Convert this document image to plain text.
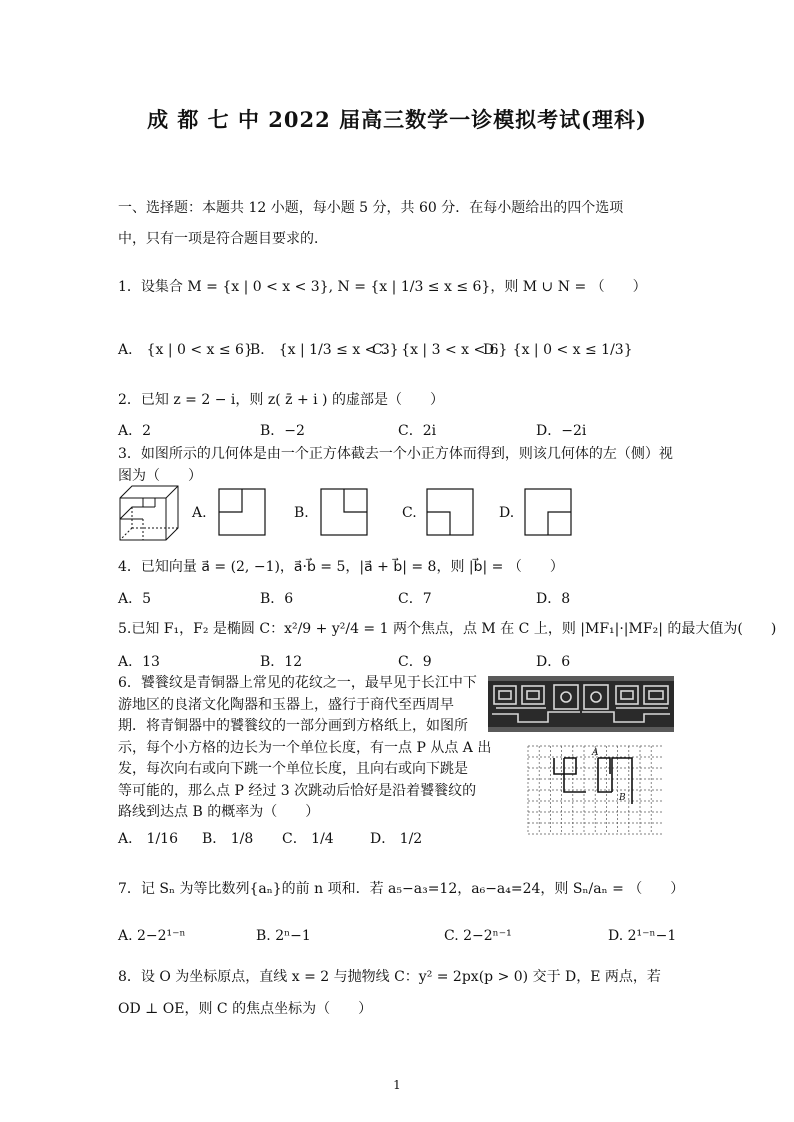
成 都 七 中 2022 届高三数学一诊模拟考试(理科)
一、选择题：本题共 12 小题，每小题 5 分，共 60 分．在每小题给出的四个选项
中，只有一项是符合题目要求的．
1．设集合 M = {x | 0 < x < 3}, N = {x | 1/3 ≤ x ≤ 6}，则 M ∪ N = （　　）
A． {x | 0 < x ≤ 6}
B． {x | 1/3 ≤ x < 3}
C． {x | 3 < x < 6}
D． {x | 0 < x ≤ 1/3}
2．已知 z = 2 − i，则 z( z̄ + i ) 的虚部是（　　）
A．2	B．−2	C．2i	D．−2i
3．如图所示的几何体是由一个正方体截去一个小正方体而得到，则该几何体的左（侧）视
图为（　　）
A.	B.	C.	D.
4．已知向量 a⃗ = (2, −1)，a⃗·b⃗ = 5，|a⃗ + b⃗| = 8，则 |b⃗| = （　　）
A．5	B．6	C．7	D．8
5.已知 F₁，F₂ 是椭圆 C：x²/9 + y²/4 = 1 两个焦点，点 M 在 C 上，则 |MF₁|·|MF₂| 的最大值为(　　)
A．13	B．12	C．9	D．6
6．饕餮纹是青铜器上常见的花纹之一，最早见于长江中下
游地区的良渚文化陶器和玉器上，盛行于商代至西周早
期．将青铜器中的饕餮纹的一部分画到方格纸上，如图所
示，每个小方格的边长为一个单位长度，有一点 P 从点 A 出
发，每次向右或向下跳一个单位长度，且向右或向下跳是
等可能的，那么点 P 经过 3 次跳动后恰好是沿着饕餮纹的
路线到达点 B 的概率为（　　）
A
B
A． 1/16 B． 1/8 C． 1/4	D． 1/2
7．记 Sₙ 为等比数列{aₙ}的前 n 项和．若 a₅−a₃=12，a₆−a₄=24，则 Sₙ/aₙ = （　　）
A. 2−2¹⁻ⁿ	B. 2ⁿ−1	C. 2−2ⁿ⁻¹	D. 2¹⁻ⁿ−1
8．设 O 为坐标原点，直线 x = 2 与抛物线 C：y² = 2px(p > 0) 交于 D，E 两点，若
OD ⊥ OE，则 C 的焦点坐标为（　　）
1
